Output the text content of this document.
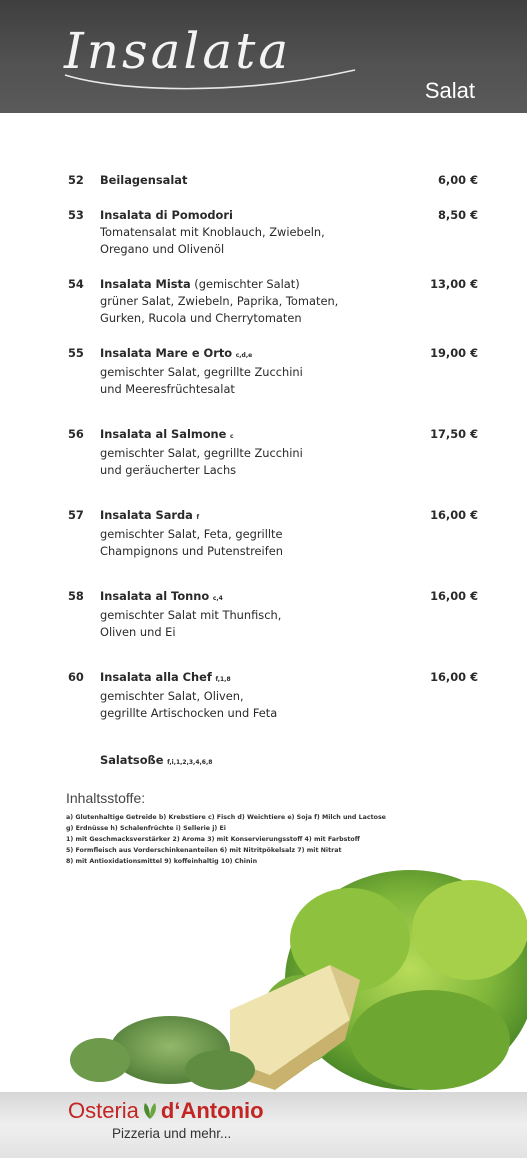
Insalata
Salat
52 Beilagensalat	6,00 €
53 Insalata di Pomodori
Tomatensalat mit Knoblauch, Zwiebeln,
Oregano und Olivenöl
8,50 €
54 Insalata Mista (gemischter Salat)
grüner Salat, Zwiebeln, Paprika, Tomaten,
Gurken, Rucola und Cherrytomaten
13,00 €
55 Insalata Mare e Orto c,d,e
gemischter Salat, gegrillte Zucchini
und Meeresfrüchtesalat
19,00 €
56 Insalata al Salmone c
gemischter Salat, gegrillte Zucchini
und geräucherter Lachs
17,50 €
57 Insalata Sarda f
gemischter Salat, Feta, gegrillte
Champignons und Putenstreifen
16,00 €
58 Insalata al Tonno c,4
gemischter Salat mit Thunfisch,
Oliven und Ei
16,00 €
60 Insalata alla Chef f,1,8
gemischter Salat, Oliven,
gegrillte Artischocken und Feta
16,00 €
Salatsoße f,i,1,2,3,4,6,8
Inhaltsstoffe:
a) Glutenhaltige Getreide b) Krebstiere c) Fisch d) Weichtiere e) Soja f) Milch und Lactose
g) Erdnüsse h) Schalenfrüchte i) Sellerie j) Ei
1) mit Geschmacksverstärker 2) Aroma 3) mit Konservierungsstoff 4) mit Farbstoff
5) Formfleisch aus Vorderschinkenanteilen 6) mit Nitritpökelsalz 7) mit Nitrat
8) mit Antioxidationsmittel 9) koffeinhaltig 10) Chinin
Osteria d‘Antonio
Pizzeria und mehr...
